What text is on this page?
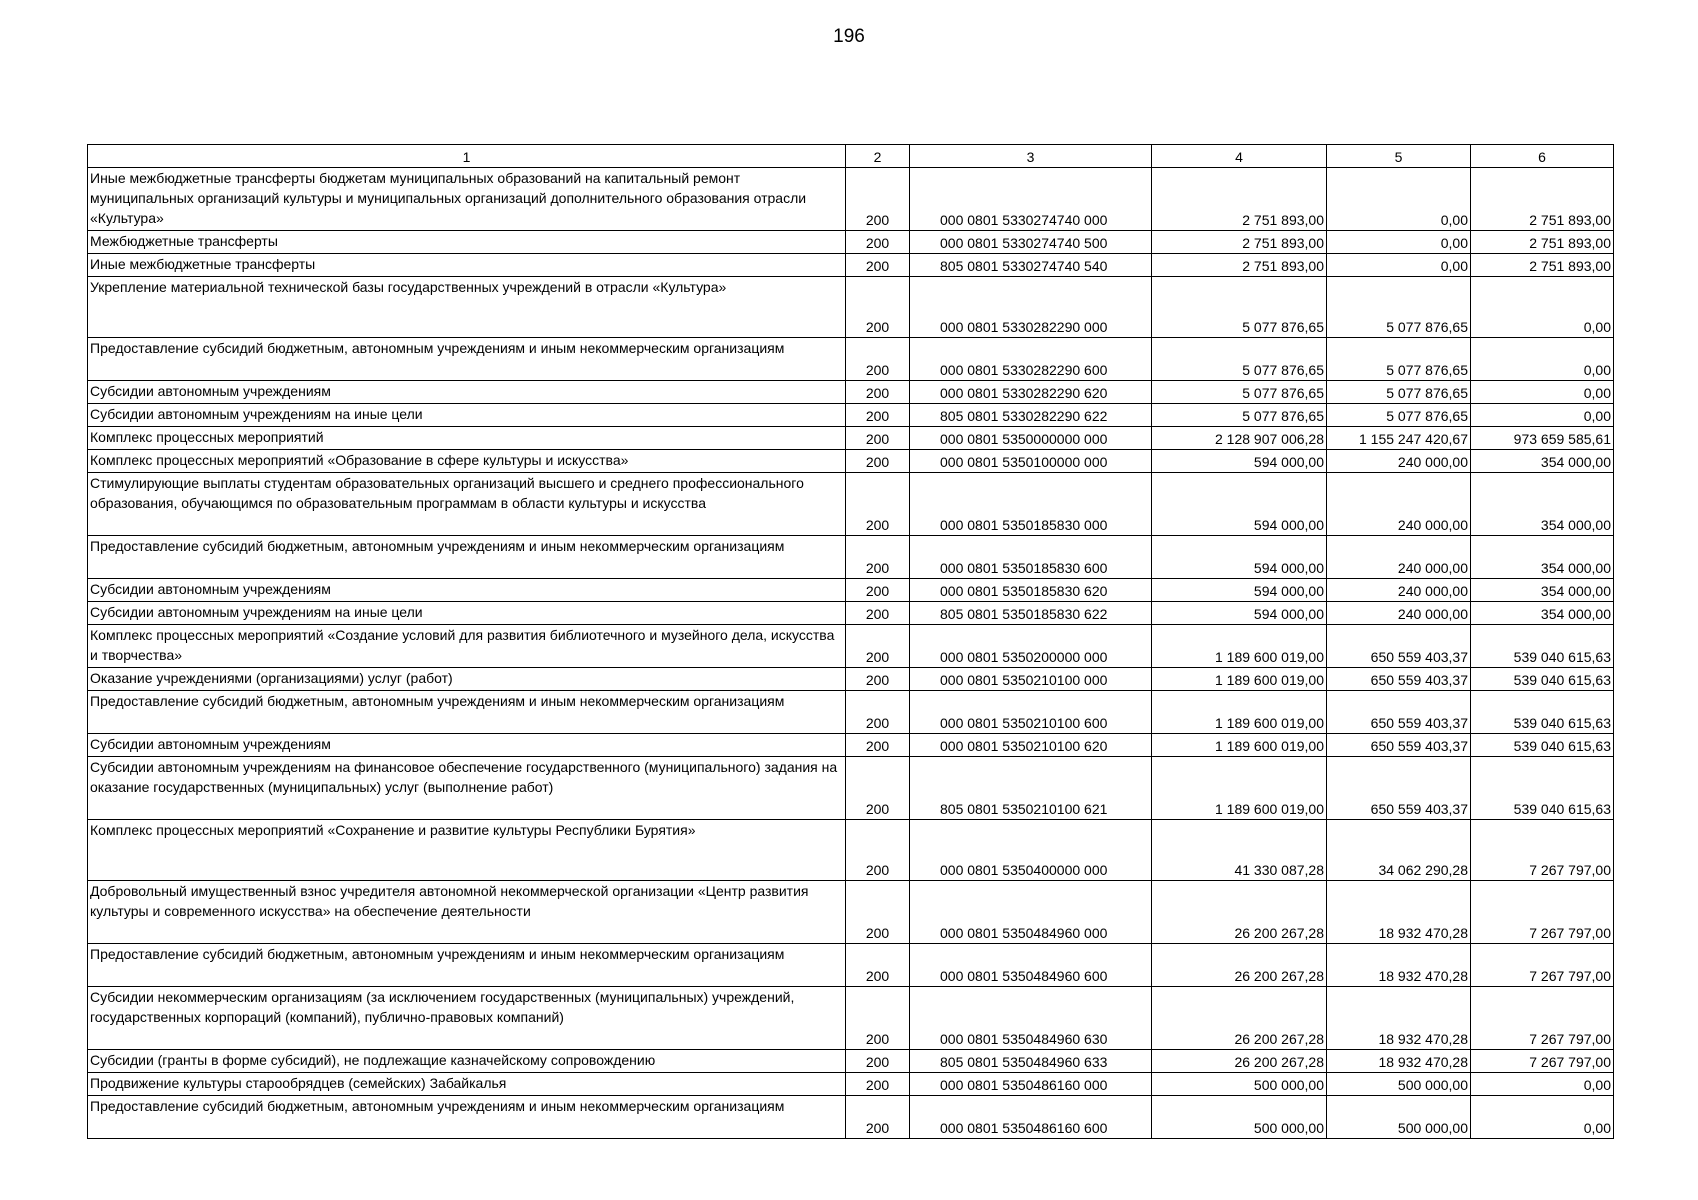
196
1	2	3	4	5	6
Иные межбюджетные трансферты бюджетам муниципальных образований на капитальный ремонт муниципальных организаций культуры и муниципальных организаций дополнительного образования отрасли «Культура»	200	000 0801 5330274740 000	2 751 893,00	0,00	2 751 893,00
Межбюджетные трансферты	200	000 0801 5330274740 500	2 751 893,00	0,00	2 751 893,00
Иные межбюджетные трансферты	200	805 0801 5330274740 540	2 751 893,00	0,00	2 751 893,00
Укрепление материальной технической базы государственных учреждений в отрасли «Культура»	200	000 0801 5330282290 000	5 077 876,65	5 077 876,65	0,00
Предоставление субсидий бюджетным, автономным учреждениям и иным некоммерческим организациям	200	000 0801 5330282290 600	5 077 876,65	5 077 876,65	0,00
Субсидии автономным учреждениям	200	000 0801 5330282290 620	5 077 876,65	5 077 876,65	0,00
Субсидии автономным учреждениям на иные цели	200	805 0801 5330282290 622	5 077 876,65	5 077 876,65	0,00
Комплекс процессных мероприятий	200	000 0801 5350000000 000	2 128 907 006,28	1 155 247 420,67	973 659 585,61
Комплекс процессных мероприятий «Образование в сфере культуры и искусства»	200	000 0801 5350100000 000	594 000,00	240 000,00	354 000,00
Стимулирующие выплаты студентам образовательных организаций высшего и среднего профессионального образования, обучающимся по образовательным программам в области культуры и искусства	200	000 0801 5350185830 000	594 000,00	240 000,00	354 000,00
Предоставление субсидий бюджетным, автономным учреждениям и иным некоммерческим организациям	200	000 0801 5350185830 600	594 000,00	240 000,00	354 000,00
Субсидии автономным учреждениям	200	000 0801 5350185830 620	594 000,00	240 000,00	354 000,00
Субсидии автономным учреждениям на иные цели	200	805 0801 5350185830 622	594 000,00	240 000,00	354 000,00
Комплекс процессных мероприятий «Создание условий для развития библиотечного и музейного дела, искусства и творчества»	200	000 0801 5350200000 000	1 189 600 019,00	650 559 403,37	539 040 615,63
Оказание учреждениями (организациями) услуг (работ)	200	000 0801 5350210100 000	1 189 600 019,00	650 559 403,37	539 040 615,63
Предоставление субсидий бюджетным, автономным учреждениям и иным некоммерческим организациям	200	000 0801 5350210100 600	1 189 600 019,00	650 559 403,37	539 040 615,63
Субсидии автономным учреждениям	200	000 0801 5350210100 620	1 189 600 019,00	650 559 403,37	539 040 615,63
Субсидии автономным учреждениям на финансовое обеспечение государственного (муниципального) задания на оказание государственных (муниципальных) услуг (выполнение работ)	200	805 0801 5350210100 621	1 189 600 019,00	650 559 403,37	539 040 615,63
Комплекс процессных мероприятий «Сохранение и развитие культуры Республики Бурятия»	200	000 0801 5350400000 000	41 330 087,28	34 062 290,28	7 267 797,00
Добровольный имущественный взнос учредителя автономной некоммерческой организации «Центр развития культуры и современного искусства» на обеспечение деятельности	200	000 0801 5350484960 000	26 200 267,28	18 932 470,28	7 267 797,00
Предоставление субсидий бюджетным, автономным учреждениям и иным некоммерческим организациям	200	000 0801 5350484960 600	26 200 267,28	18 932 470,28	7 267 797,00
Субсидии некоммерческим организациям (за исключением государственных (муниципальных) учреждений, государственных корпораций (компаний), публично-правовых компаний)	200	000 0801 5350484960 630	26 200 267,28	18 932 470,28	7 267 797,00
Субсидии (гранты в форме субсидий), не подлежащие казначейскому сопровождению	200	805 0801 5350484960 633	26 200 267,28	18 932 470,28	7 267 797,00
Продвижение культуры старообрядцев (семейских) Забайкалья	200	000 0801 5350486160 000	500 000,00	500 000,00	0,00
Предоставление субсидий бюджетным, автономным учреждениям и иным некоммерческим организациям	200	000 0801 5350486160 600	500 000,00	500 000,00	0,00
